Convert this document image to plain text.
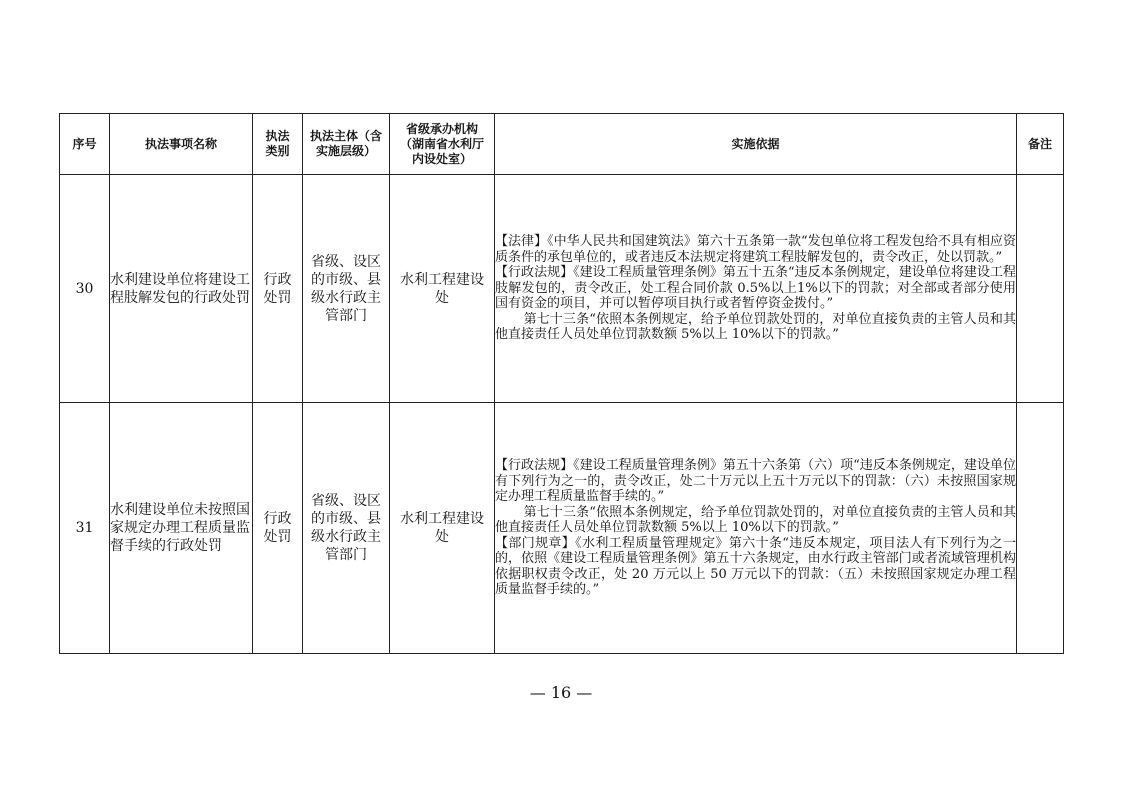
序号	执法事项名称	执法类别	执法主体（含实施层级）	省级承办机构（湖南省水利厅内设处室）	实施依据	备注
30	水利建设单位将建设工程肢解发包的行政处罚	行政处罚	省级、设区的市级、县级水行政主管部门	水利工程建设处	【法律】《中华人民共和国建筑法》第六十五条第一款“发包单位将工程发包给不具有相应资质条件的承包单位的，或者违反本法规定将建筑工程肢解发包的，责令改正，处以罚款。”

【行政法规】《建设工程质量管理条例》第五十五条“违反本条例规定，建设单位将建设工程肢解发包的，责令改正，处工程合同价款 0.5%以上1%以下的罚款；对全部或者部分使用国有资金的项目，并可以暂停项目执行或者暂停资金拨付。”

第七十三条“依照本条例规定，给予单位罚款处罚的，对单位直接负责的主管人员和其他直接责任人员处单位罚款数额 5%以上 10%以下的罚款。”	

31	水利建设单位未按照国家规定办理工程质量监督手续的行政处罚	行政处罚	省级、设区的市级、县级水行政主管部门	水利工程建设处	【行政法规】《建设工程质量管理条例》第五十六条第（六）项“违反本条例规定，建设单位有下列行为之一的，责令改正，处二十万元以上五十万元以下的罚款：（六）未按照国家规定办理工程质量监督手续的。”

第七十三条“依照本条例规定，给予单位罚款处罚的，对单位直接负责的主管人员和其他直接责任人员处单位罚款数额 5%以上 10%以下的罚款。”

【部门规章】《水利工程质量管理规定》第六十条“违反本规定，项目法人有下列行为之一的，依照《建设工程质量管理条例》第五十六条规定，由水行政主管部门或者流域管理机构依据职权责令改正，处 20 万元以上 50 万元以下的罚款：（五）未按照国家规定办理工程质量监督手续的。”	

— 16 —
